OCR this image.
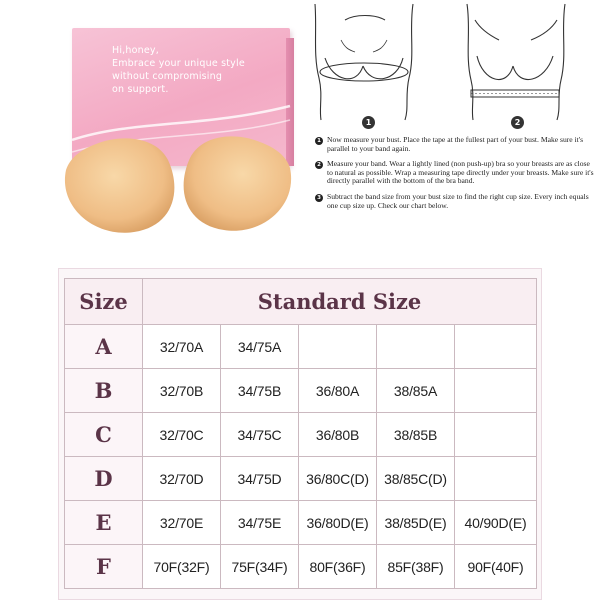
Hi,honey,
Embrace your unique style
without compromising
on support.
1	2
1 Now measure your bust. Place the tape at the fullest part of your bust. Make sure it's parallel to your band again.
2 Measure your band. Wear a lightly lined (non push-up) bra so your breasts are as close to natural as possible. Wrap a measuring tape directly under your breasts. Make sure it's directly parallel with the bottom of the bra band.
3 Subtract the band size from your bust size to find the right cup size. Every inch equals one cup size up. Check our chart below.
Size	Standard Size				
A	32/70A	34/75A			
B	32/70B	34/75B	36/80A	38/85A	
C	32/70C	34/75C	36/80B	38/85B	
D	32/70D	34/75D	36/80C(D)	38/85C(D)	
E	32/70E	34/75E	36/80D(E)	38/85D(E)	40/90D(E)
F	70F(32F)	75F(34F)	80F(36F)	85F(38F)	90F(40F)
